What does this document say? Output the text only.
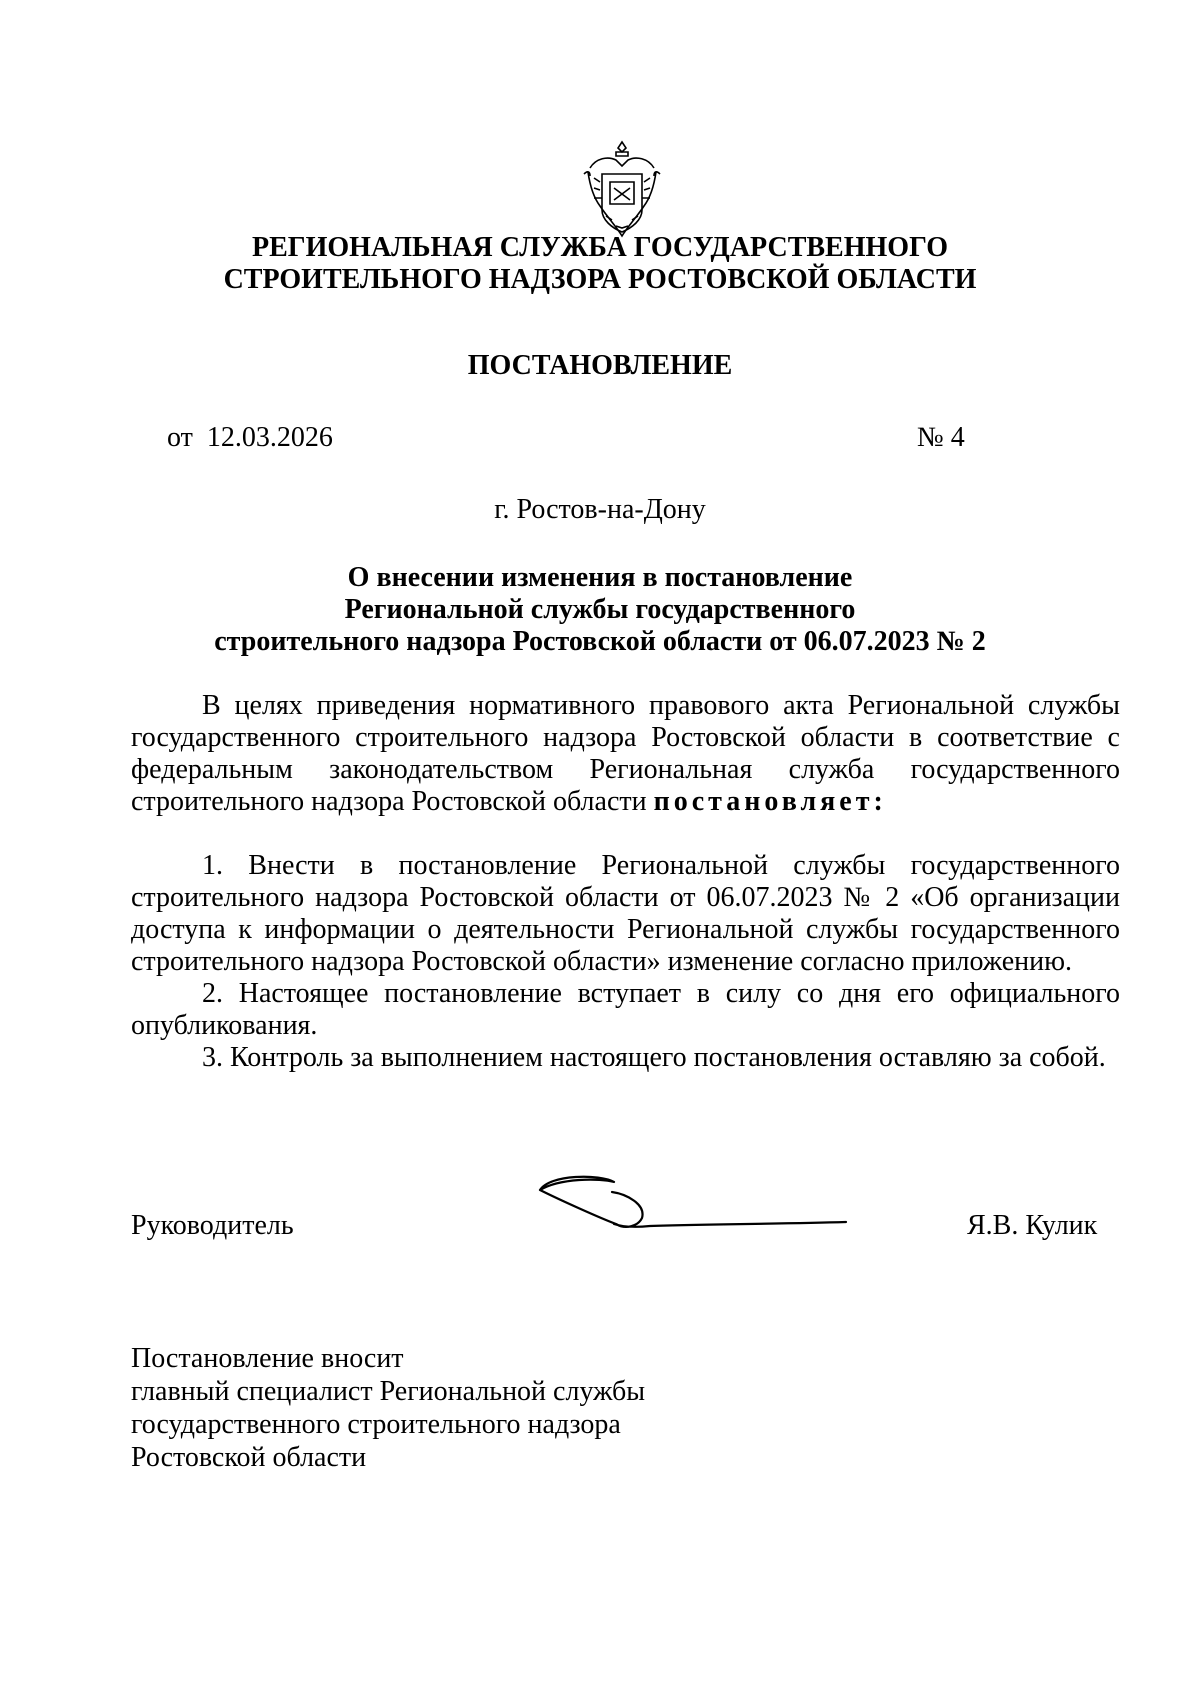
РЕГИОНАЛЬНАЯ СЛУЖБА ГОСУДАРСТВЕННОГО
СТРОИТЕЛЬНОГО НАДЗОРА РОСТОВСКОЙ ОБЛАСТИ
ПОСТАНОВЛЕНИЕ
от  12.03.2026	№ 4
г. Ростов-на-Дону
О внесении изменения в постановление
Региональной службы государственного
строительного надзора Ростовской области от 06.07.2023 № 2

В целях приведения нормативного правового акта Региональной службы государственного строительного надзора Ростовской области в соответствие с федеральным законодательством Региональная служба государственного строительного надзора Ростовской области постановляет:

1. Внести в постановление Региональной службы государственного строительного надзора Ростовской области от 06.07.2023 № 2 «Об организации доступа к информации о деятельности Региональной службы государственного строительного надзора Ростовской области» изменение согласно приложению.

2. Настоящее постановление вступает в силу со дня его официального опубликования.

3. Контроль за выполнением настоящего постановления оставляю за собой.

Руководитель	Я.В. Кулик
Постановление вносит
главный специалист Региональной службы
государственного строительного надзора
Ростовской области
